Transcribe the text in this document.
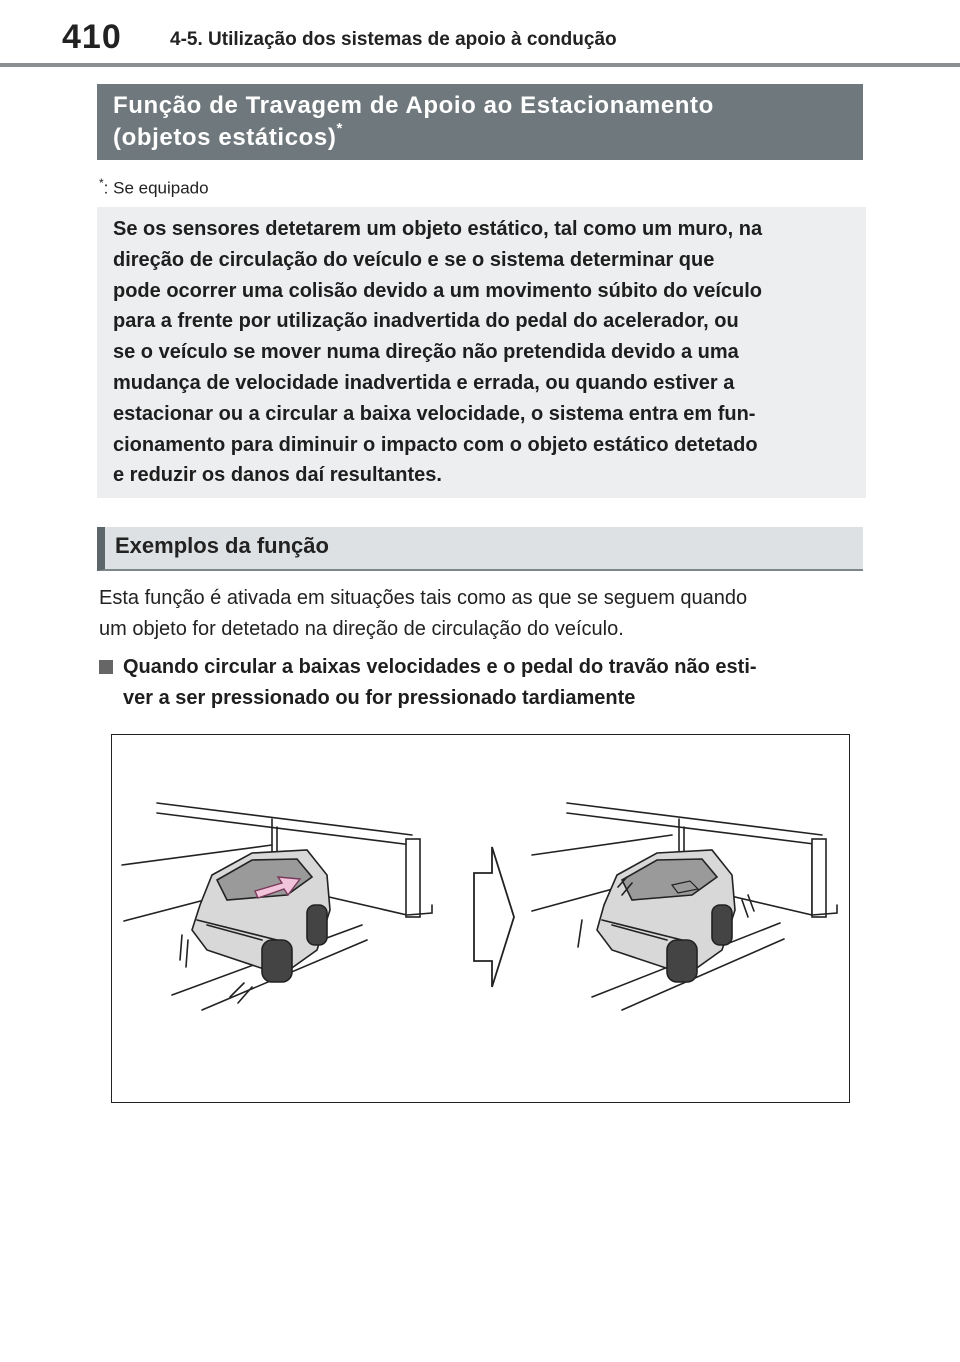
410	4-5. Utilização dos sistemas de apoio à condução
Função de Travagem de Apoio ao Estacionamento
(objetos estáticos)*
*: Se equipado
Se os sensores detetarem um objeto estático, tal como um muro, na
direção de circulação do veículo e se o sistema determinar que
pode ocorrer uma colisão devido a um movimento súbito do veículo
para a frente por utilização inadvertida do pedal do acelerador, ou
se o veículo se mover numa direção não pretendida devido a uma
mudança de velocidade inadvertida e errada, ou quando estiver a
estacionar ou a circular a baixa velocidade, o sistema entra em fun-
cionamento para diminuir o impacto com o objeto estático detetado
e reduzir os danos daí resultantes.
Exemplos da função
Esta função é ativada em situações tais como as que se seguem quando
um objeto for detetado na direção de circulação do veículo.
Quando circular a baixas velocidades e o pedal do travão não esti-
ver a ser pressionado ou for pressionado tardiamente
